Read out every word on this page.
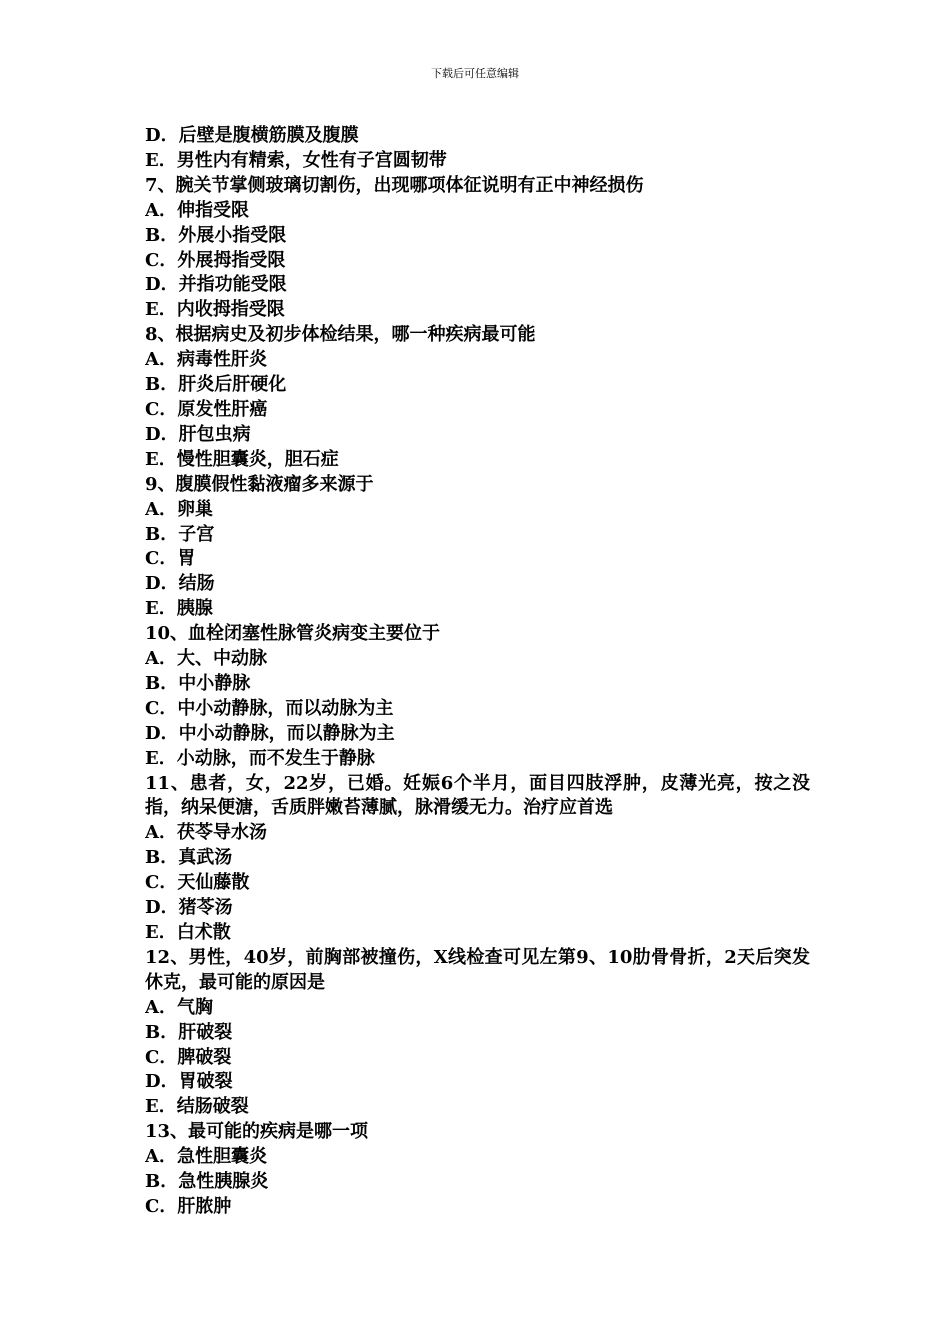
下载后可任意编辑
D．后壁是腹横筋膜及腹膜
E．男性内有精索，女性有子宫圆韧带
7、腕关节掌侧玻璃切割伤，出现哪项体征说明有正中神经损伤
A．伸指受限
B．外展小指受限
C．外展拇指受限
D．并指功能受限
E．内收拇指受限
8、根据病史及初步体检结果，哪一种疾病最可能
A．病毒性肝炎
B．肝炎后肝硬化
C．原发性肝癌
D．肝包虫病
E．慢性胆囊炎，胆石症
9、腹膜假性黏液瘤多来源于
A．卵巢
B．子宫
C．胃
D．结肠
E．胰腺
10、血栓闭塞性脉管炎病变主要位于
A．大、中动脉
B．中小静脉
C．中小动静脉，而以动脉为主
D．中小动静脉，而以静脉为主
E．小动脉，而不发生于静脉
11、患者，女，22岁，已婚。妊娠6个半月，面目四肢浮肿，皮薄光亮，按之没指，纳呆便溏，舌质胖嫩苔薄腻，脉滑缓无力。治疗应首选
A．茯苓导水汤
B．真武汤
C．天仙藤散
D．猪苓汤
E．白术散
12、男性，40岁，前胸部被撞伤，X线检查可见左第9、10肋骨骨折，2天后突发休克，最可能的原因是
A．气胸
B．肝破裂
C．脾破裂
D．胃破裂
E．结肠破裂
13、最可能的疾病是哪一项
A．急性胆囊炎
B．急性胰腺炎
C．肝脓肿
